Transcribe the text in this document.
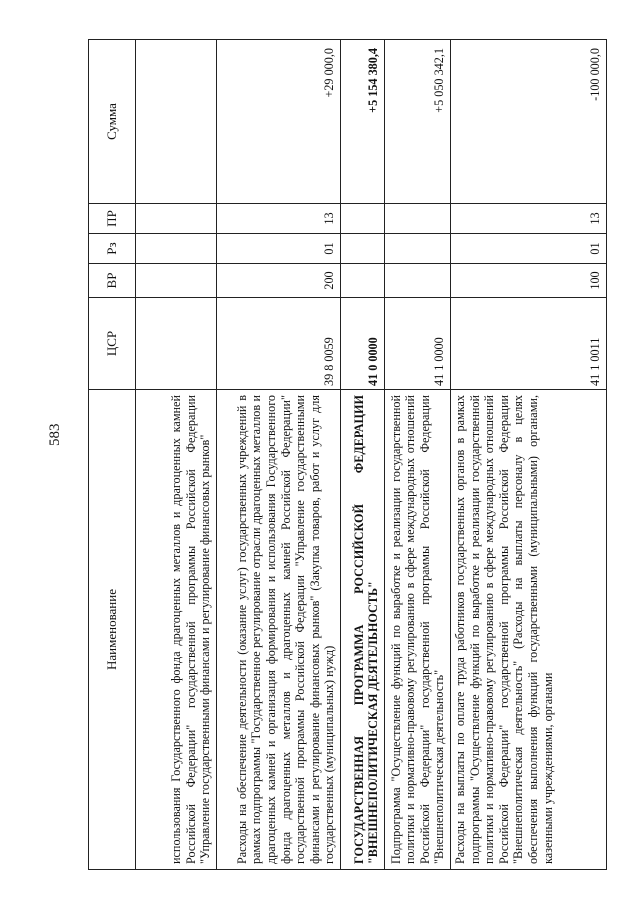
583
Наименование	ЦСР	ВР	Рз	ПР	Сумма
использования Государственного фонда драгоценных металлов и драгоценных камней Российской Федерации" государственной программы Российской Федерации "Управление государственными финансами и регулирование финансовых рынков"					
Расходы на обеспечение деятельности (оказание услуг) государственных учреждений в рамках подпрограммы "Государственное регулирование отрасли драгоценных металлов и драгоценных камней и организация формирования и использования Государственного фонда драгоценных металлов и драгоценных камней Российской Федерации" государственной программы Российской Федерации "Управление государственными финансами и регулирование финансовых рынков" (Закупка товаров, работ и услуг для государственных (муниципальных) нужд)	39 8 0059	200	01	13	+29 000,0
ГОСУДАРСТВЕННАЯ ПРОГРАММА РОССИЙСКОЙ ФЕДЕРАЦИИ "ВНЕШНЕПОЛИТИЧЕСКАЯ ДЕЯТЕЛЬНОСТЬ"	41 0 0000				+5 154 380,4
Подпрограмма "Осуществление функций по выработке и реализации государственной политики и нормативно-правовому регулированию в сфере международных отношений Российской Федерации" государственной программы Российской Федерации "Внешнеполитическая деятельность"	41 1 0000				+5 050 342,1
Расходы на выплаты по оплате труда работников государственных органов в рамках подпрограммы "Осуществление функций по выработке и реализации государственной политики и нормативно-правовому регулированию в сфере международных отношений Российской Федерации" государственной программы Российской Федерации "Внешнеполитическая деятельность" (Расходы на выплаты персоналу в целях обеспечения выполнения функций государственными (муниципальными) органами, казенными учреждениями, органами	41 1 0011	100	01	13	-100 000,0
